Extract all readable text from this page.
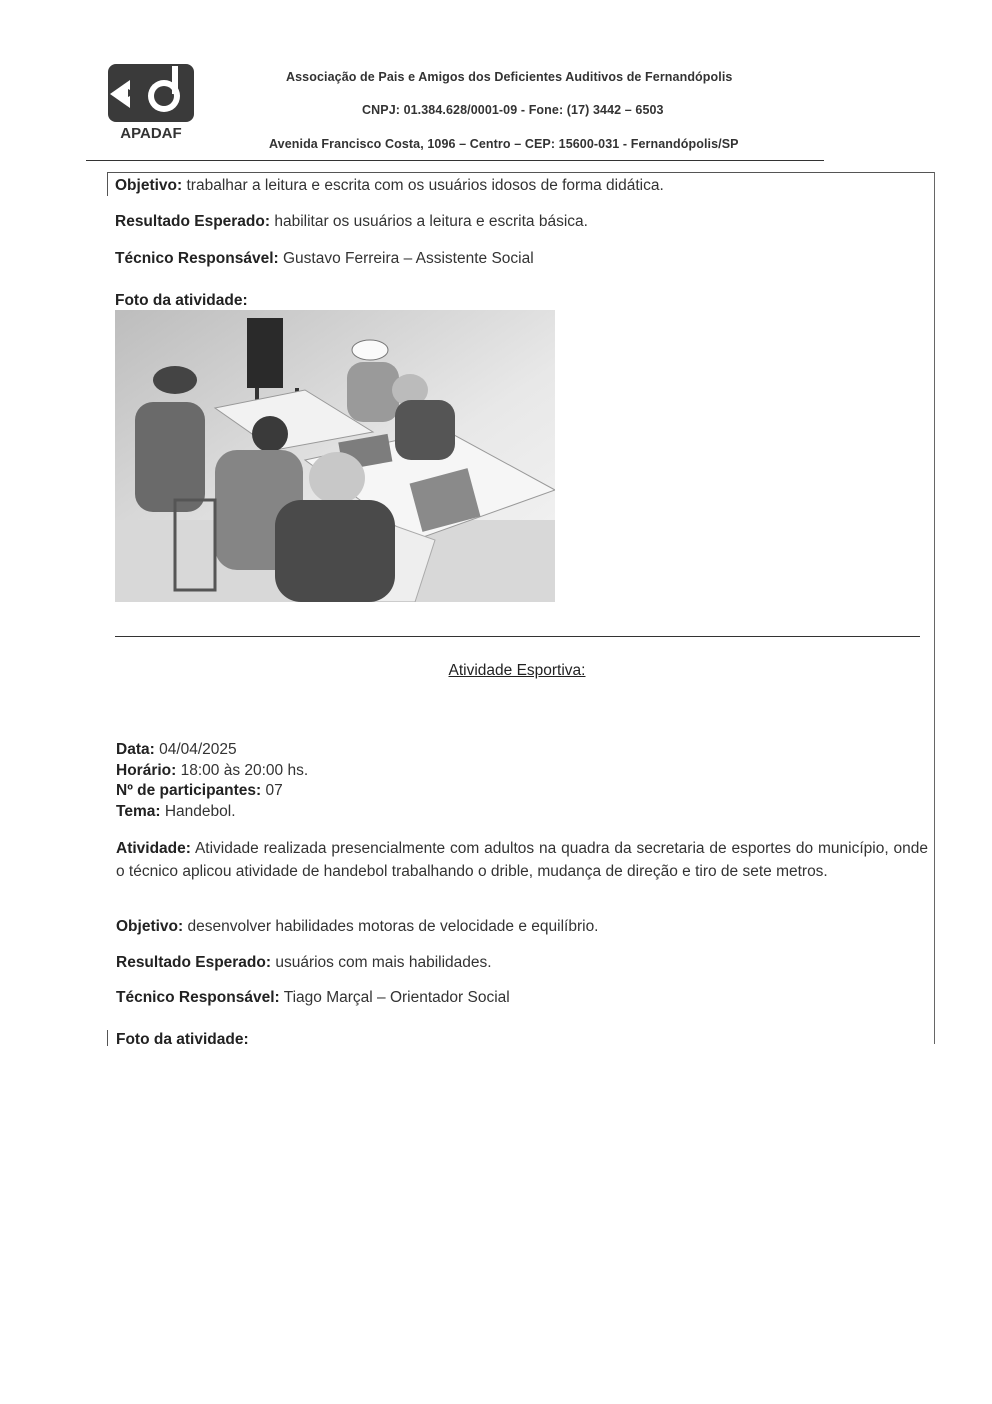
APADAF
Associação de Pais e Amigos dos Deficientes Auditivos de Fernandópolis
CNPJ: 01.384.628/0001-09 - Fone: (17) 3442 – 6503
Avenida Francisco Costa, 1096 – Centro – CEP: 15600-031 - Fernandópolis/SP
Objetivo: trabalhar a leitura e escrita com os usuários idosos de forma didática.
Resultado Esperado: habilitar os usuários a leitura e escrita básica.
Técnico Responsável: Gustavo Ferreira – Assistente Social
Foto da atividade:
Atividade Esportiva:
Data: 04/04/2025
Horário: 18:00 às 20:00 hs.
Nº de participantes: 07
Tema: Handebol.
Atividade: Atividade realizada presencialmente com adultos na quadra da secretaria de esportes do município, onde o técnico aplicou atividade de handebol trabalhando o drible, mudança de direção e tiro de sete metros.
Objetivo: desenvolver habilidades motoras de velocidade e equilíbrio.
Resultado Esperado: usuários com mais habilidades.
Técnico Responsável: Tiago Marçal – Orientador Social
Foto da atividade:
